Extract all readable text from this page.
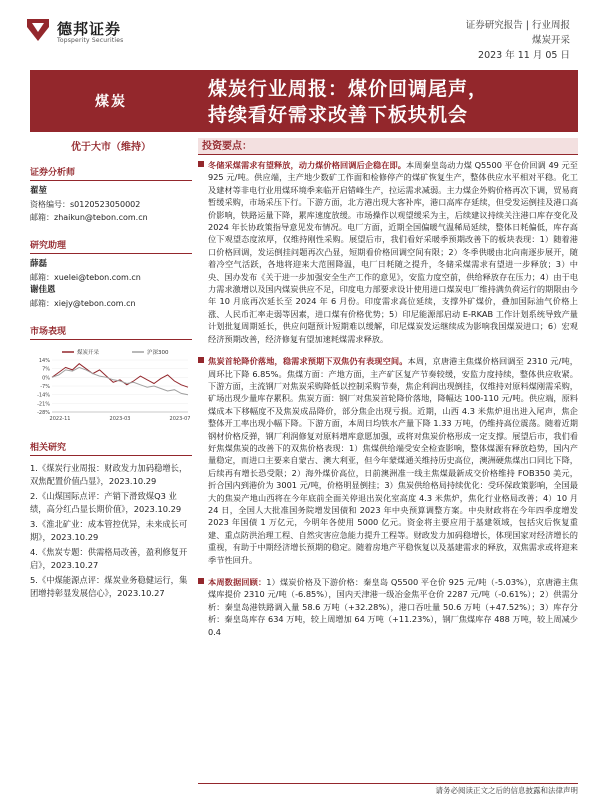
德邦证券
Topsperity Securities
证券研究报告 | 行业周报
煤炭开采
2023 年 11 月 05 日
煤炭
煤炭行业周报：煤价回调尾声，
持续看好需求改善下板块机会
优于大市（维持）
证券分析师
翟堃
资格编号：s0120523050002
邮箱：zhaikun@tebon.com.cn
研究助理
薛磊
邮箱：xuelei@tebon.com.cn
谢佳恩
邮箱：xiejy@tebon.com.cn
市场表现
-28%
-21%
-14%
-7%
0%
7%
14%
2022-11	2023-03	2023-07
煤炭开采	沪深300
相关研究
1.《煤炭行业周报：财政发力加码稳增长，双焦配置价值凸显》，2023.10.29
2.《山煤国际点评：产销下滑致煤Q3 业绩，高分红凸显长期价值》，2023.10.29
3.《淮北矿业：成本管控优异，未来成长可期》，2023.10.29
4.《焦炭专题：供需格局改善，盈利修复开启》，2023.10.27
5.《中煤能源点评：煤炭业务稳健运行，集团增持彰显发展信心》，2023.10.27
投资要点：
冬储采煤需求有望释放，动力煤价格回调后企稳在即。本周秦皇岛动力煤 Q5500 平仓价回调 49 元至 925 元/吨。供应端，主产地少数矿工作面和检修停产的煤矿恢复生产，整体供应水平相对平稳。化工及建材等非电行业用煤环境季来临开启错峰生产，拉运需求减弱。主力煤企外购价格再次下调，贸易商暂缓采购，市场采压下行。下游方面，北方港出现大客补库，港口高库存延续，但受发运倒挂及港口高价影响，铁路运量下降，累库速度放缓。市场操作以观望缓采为主，后续建议持续关注港口库存变化及 2024 年长协政策指导意见发布情况。电厂方面，近期全国偏暖气温稀局延续，整体日耗偏低，库存高位下观望态度浓厚，仅维持刚性采购。展望后市，我们看好采暖季预期改善下的板块表现：1）随着港口价格回调，发运倒挂问题再次凸显，短期看价格回调空间有限；2）冬季供暖由北向南逐步展开，随着冷空气活跃，各地将迎来大范围降温，电厂日耗随之提升，冬储采煤需求有望进一步释放；3）中央、国办发布《关于进一步加强安全生产工作的意见》，安监力度空前，供给释放存在压力；4）由于电力需求激增以及国内煤炭供应不足，印度电力部要求设计使用进口煤炭电厂维持满负荷运行的期限由今年 10 月底再次延长至 2024 年 6 月份。印度需求高位延续，支撑外矿煤价，叠加国际油气价格上涨、人民币汇率走弱等因素，进口煤有价格优势；5）印尼能源部启动 E-RKAB 工作计划系统导致产量计划批复周期延长，供应问题预计短期难以缓解，印尼煤炭发运继续成为影响我国煤炭进口；6）宏观经济预期改善，经济修复有望加速耗煤需求释放。
焦炭首轮降价落地，稳需求预期下双焦仍有表现空间。本周，京唐港主焦煤价格回调至 2310 元/吨，周环比下降 6.85%。焦煤方面：产地方面，主产矿区复产节奏较缓，安监力度持续，整体供应收紧。下游方面，主流钢厂对焦炭采购降低以控制采购节奏，焦企利润出现倒挂，仅维持对原料煤刚需采购，矿场出现少量库存累积。焦炭方面：钢厂对焦炭首轮降价落地，降幅达 100-110 元/吨。供应端，原料煤成本下移幅度不及焦炭成品降价，部分焦企出现亏损。近期，山西 4.3 米焦炉退出进入尾声，焦企整体开工率出现小幅下降。下游方面，本周日均铁水产量下降 1.33 万吨，仍维持高位震荡。随着近期钢材价格反弹，钢厂利润修复对原料增库意愿加强，或将对焦炭价格形成一定支撑。展望后市，我们看好焦煤焦炭的改善下的双焦价格表现：1）焦煤供给端受安全检查影响，整体煤源有释放趋势，国内产量稳定，而进口主要来自蒙古、澳大利亚，但今年蒙煤通关维持历史高位，澳洲硬焦煤出口同比下降，后续再有增长恐受限；2）海外煤价高位，日前澳洲准一线主焦煤最新成交价格维持 FOB350 美元，折合国内到港价为 3001 元/吨，价格明显倒挂；3）焦炭供给格局持续优化：受环保政策影响，全国最大的焦炭产地山西将在今年底前全面关停退出炭化室高度 4.3 米焦炉，焦化行业格局改善；4）10 月 24 日，全国人大批准国务院增发国债和 2023 年中央预算调整方案。中央财政将在今年四季度增发 2023 年国债 1 万亿元，今明年各使用 5000 亿元。资金将主要应用于基建领域，包括灾后恢复重建、重点防洪治理工程、自然灾害应急能力提升工程等。财政发力加码稳增长，体现国家对经济增长的重视，有助于中期经济增长预期的稳定。随着房地产平稳恢复以及基建需求的释放，双焦需求或将迎来季节性回升。
本周数据回顾：1）煤炭价格及下游价格：秦皇岛 Q5500 平仓价 925 元/吨（-5.03%），京唐港主焦煤库提价 2310 元/吨（-6.85%），国内天津港一级冶金焦平仓价 2287 元/吨（-0.61%）；2）供需分析：秦皇岛港铁路调入量 58.6 万吨（+32.28%），港口吞吐量 50.6 万吨（+47.52%）；3）库存分析：秦皇岛库存 634 万吨，较上周增加 64 万吨（+11.23%），钢厂焦煤库存 488 万吨，较上周减少 0.4
请务必阅读正文之后的信息披露和法律声明
